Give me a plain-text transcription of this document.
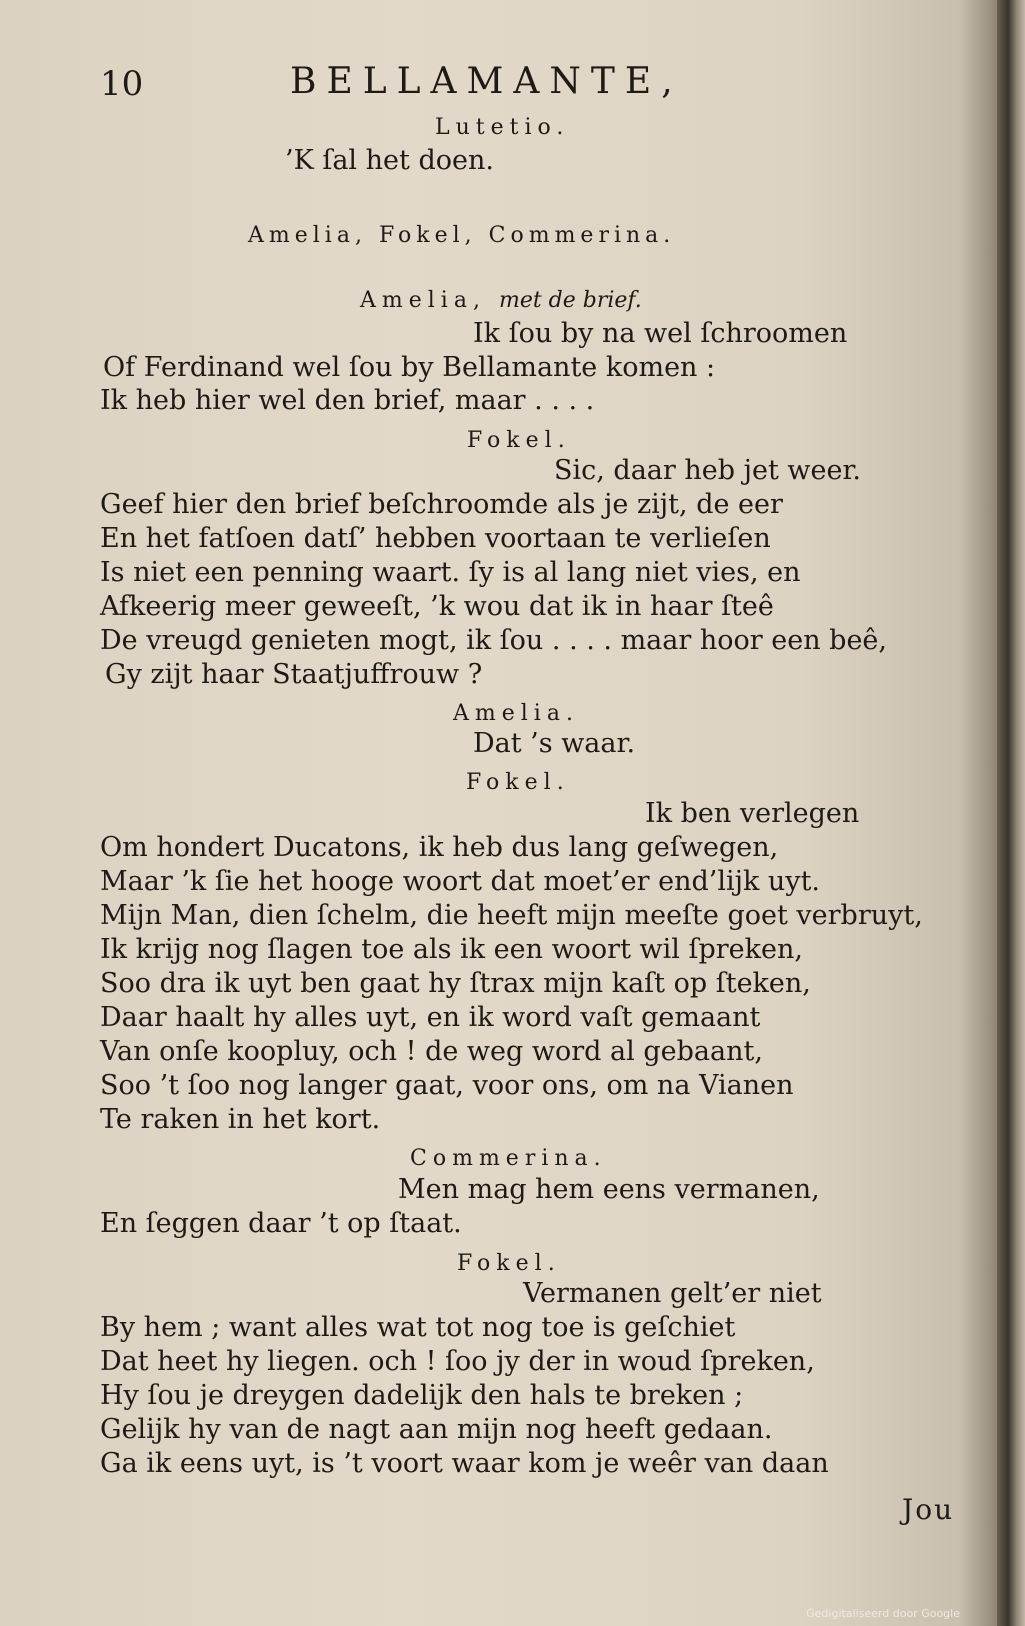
10	BELLAMANTE,
Lutetio.
’K ſal het doen.
Amelia, Fokel, Commerina.
Amelia, met de brief.
Ik ſou by na wel ſchroomen
Of Ferdinand wel ſou by Bellamante komen :
Ik heb hier wel den brief, maar . . . .
Fokel.
Sic, daar heb jet weer.
Geef hier den brief beſchroomde als je zijt, de eer
En het fatſoen datſ’ hebben voortaan te verlieſen
Is niet een penning waart. ſy is al lang niet vies, en
Afkeerig meer geweeſt, ’k wou dat ik in haar ſteê
De vreugd genieten mogt, ik ſou . . . . maar hoor een beê,
Gy zijt haar Staatjuffrouw ?
Amelia.
Dat ’s waar.
Fokel.
Ik ben verlegen
Om hondert Ducatons, ik heb dus lang geſwegen,
Maar ’k ſie het hooge woort dat moet’er end’lijk uyt.
Mijn Man, dien ſchelm, die heeft mijn meeſte goet verbruyt,
Ik krijg nog ſlagen toe als ik een woort wil ſpreken,
Soo dra ik uyt ben gaat hy ſtrax mijn kaſt op ſteken,
Daar haalt hy alles uyt, en ik word vaſt gemaant
Van onſe koopluy, och ! de weg word al gebaant,
Soo ’t ſoo nog langer gaat, voor ons, om na Vianen
Te raken in het kort.
Commerina.
Men mag hem eens vermanen,
En ſeggen daar ’t op ſtaat.
Fokel.
Vermanen gelt’er niet
By hem ; want alles wat tot nog toe is geſchiet
Dat heet hy liegen. och ! ſoo jy der in woud ſpreken,
Hy ſou je dreygen dadelijk den hals te breken ;
Gelijk hy van de nagt aan mijn nog heeft gedaan.
Ga ik eens uyt, is ’t voort waar kom je weêr van daan
Jou
Gedigitaliseerd door Google
